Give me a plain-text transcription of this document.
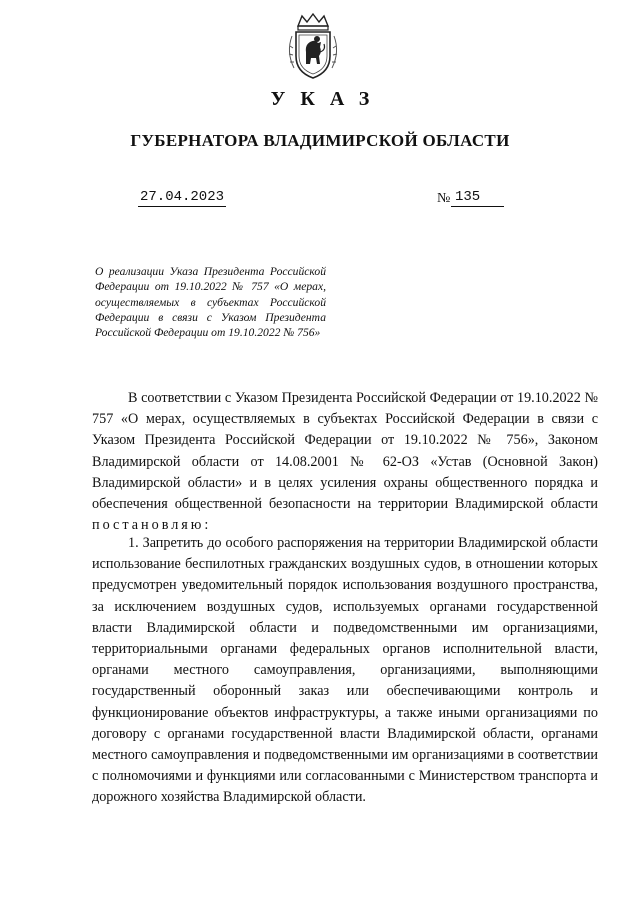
УКАЗ
ГУБЕРНАТОРА ВЛАДИМИРСКОЙ ОБЛАСТИ
27.04.2023	№ 135
О реализации Указа Президента Российской Федерации от 19.10.2022 № 757 «О мерах, осуществляемых в субъектах Российской Федерации в связи с Указом Президента Российской Федерации от 19.10.2022 № 756»
В соответствии с Указом Президента Российской Федерации от 19.10.2022 № 757 «О мерах, осуществляемых в субъектах Российской Федерации в связи с Указом Президента Российской Федерации от 19.10.2022 № 756», Законом Владимирской области от 14.08.2001 № 62-ОЗ «Устав (Основной Закон) Владимирской области» и в целях усиления охраны общественного порядка и обеспечения общественной безопасности на территории Владимирской области постановляю:
1. Запретить до особого распоряжения на территории Владимирской области использование беспилотных гражданских воздушных судов, в отношении которых предусмотрен уведомительный порядок использования воздушного пространства, за исключением воздушных судов, используемых органами государственной власти Владимирской области и подведомственными им организациями, территориальными органами федеральных органов исполнительной власти, органами местного самоуправления, организациями, выполняющими государственный оборонный заказ или обеспечивающими контроль и функционирование объектов инфраструктуры, а также иными организациями по договору с органами государственной власти Владимирской области, органами местного самоуправления и подведомственными им организациями в соответствии с полномочиями и функциями или согласованными с Министерством транспорта и дорожного хозяйства Владимирской области.
